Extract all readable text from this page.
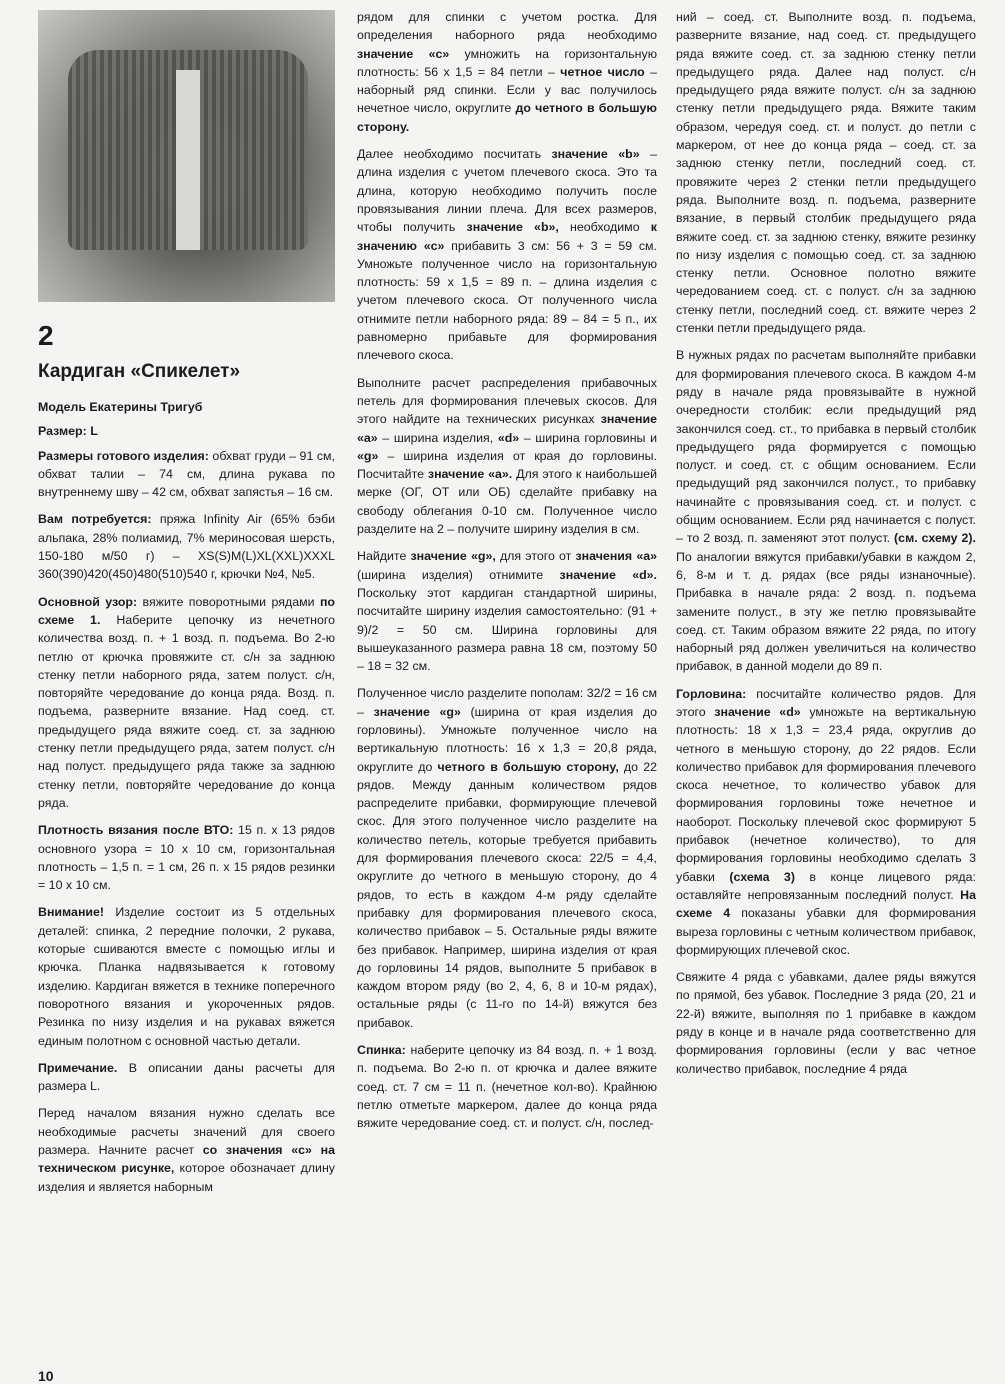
2
Кардиган «Спикелет»
Модель Екатерины Тригуб
Размер: L

Размеры готового изделия: обхват груди – 91 см, обхват талии – 74 см, длина рукава по внутреннему шву – 42 см, обхват запястья – 16 см.

Вам потребуется: пряжа Infinity Air (65% бэби альпака, 28% полиамид, 7% мериносовая шерсть, 150-180 м/50 г) – XS(S)M(L)XL(XXL)XXXL 360(390)420(450)480(510)540 г, крючки №4, №5.

Основной узор: вяжите поворотными рядами по схеме 1. Наберите цепочку из нечетного количества возд. п. + 1 возд. п. подъема. Во 2-ю петлю от крючка провяжите ст. с/н за заднюю стенку петли наборного ряда, затем полуст. с/н, повторяйте чередование до конца ряда. Возд. п. подъема, разверните вязание. Над соед. ст. предыдущего ряда вяжите соед. ст. за заднюю стенку петли предыдущего ряда, затем полуст. с/н над полуст. предыдущего ряда также за заднюю стенку петли, повторяйте чередование до конца ряда.

Плотность вязания после ВТО: 15 п. х 13 рядов основного узора = 10 х 10 см, горизонтальная плотность – 1,5 п. = 1 см, 26 п. х 15 рядов резинки = 10 х 10 см.

Внимание! Изделие состоит из 5 отдельных деталей: спинка, 2 передние полочки, 2 рукава, которые сшиваются вместе с помощью иглы и крючка. Планка надвязывается к готовому изделию. Кардиган вяжется в технике поперечного поворотного вязания и укороченных рядов. Резинка по низу изделия и на рукавах вяжется единым полотном с основной частью детали.

Примечание. В описании даны расчеты для размера L.

Перед началом вязания нужно сделать все необходимые расчеты значений для своего размера. Начните расчет со значения «с» на техническом рисунке, которое обозначает длину изделия и является наборным

рядом для спинки с учетом ростка. Для определения наборного ряда необходимо значение «с» умножить на горизонтальную плотность: 56 х 1,5 = 84 петли – четное число – наборный ряд спинки. Если у вас получилось нечетное число, округлите до четного в большую сторону.

Далее необходимо посчитать значение «b» – длина изделия с учетом плечевого скоса. Это та длина, которую необходимо получить после провязывания линии плеча. Для всех размеров, чтобы получить значение «b», необходимо к значению «с» прибавить 3 см: 56 + 3 = 59 см. Умножьте полученное число на горизонтальную плотность: 59 х 1,5 = 89 п. – длина изделия с учетом плечевого скоса. От полученного числа отнимите петли наборного ряда: 89 – 84 = 5 п., их равномерно прибавьте для формирования плечевого скоса.

Выполните расчет распределения прибавочных петель для формирования плечевых скосов. Для этого найдите на технических рисунках значение «а» – ширина изделия, «d» – ширина горловины и «g» – ширина изделия от края до горловины. Посчитайте значение «а». Для этого к наибольшей мерке (ОГ, ОТ или ОБ) сделайте прибавку на свободу облегания 0-10 см. Полученное число разделите на 2 – получите ширину изделия в см.

Найдите значение «g», для этого от значения «а» (ширина изделия) отнимите значение «d». Поскольку этот кардиган стандартной ширины, посчитайте ширину изделия самостоятельно: (91 + 9)/2 = 50 см. Ширина горловины для вышеуказанного размера равна 18 см, поэтому 50 – 18 = 32 см.

Полученное число разделите пополам: 32/2 = 16 см – значение «g» (ширина от края изделия до горловины). Умножьте полученное число на вертикальную плотность: 16 х 1,3 = 20,8 ряда, округлите до четного в большую сторону, до 22 рядов. Между данным количеством рядов распределите прибавки, формирующие плечевой скос. Для этого полученное число разделите на количество петель, которые требуется прибавить для формирования плечевого скоса: 22/5 = 4,4, округлите до четного в меньшую сторону, до 4 рядов, то есть в каждом 4-м ряду сделайте прибавку для формирования плечевого скоса, количество прибавок – 5. Остальные ряды вяжите без прибавок. Например, ширина изделия от края до горловины 14 рядов, выполните 5 прибавок в каждом втором ряду (во 2, 4, 6, 8 и 10-м рядах), остальные ряды (с 11-го по 14-й) вяжутся без прибавок.

Спинка: наберите цепочку из 84 возд. п. + 1 возд. п. подъема. Во 2-ю п. от крючка и далее вяжите соед. ст. 7 см = 11 п. (нечетное кол-во). Крайнюю петлю отметьте маркером, далее до конца ряда вяжите чередование соед. ст. и полуст. с/н, послед-

ний – соед. ст. Выполните возд. п. подъема, разверните вязание, над соед. ст. предыдущего ряда вяжите соед. ст. за заднюю стенку петли предыдущего ряда. Далее над полуст. с/н предыдущего ряда вяжите полуст. с/н за заднюю стенку петли предыдущего ряда. Вяжите таким образом, чередуя соед. ст. и полуст. до петли с маркером, от нее до конца ряда – соед. ст. за заднюю стенку петли, последний соед. ст. провяжите через 2 стенки петли предыдущего ряда. Выполните возд. п. подъема, разверните вязание, в первый столбик предыдущего ряда вяжите соед. ст. за заднюю стенку, вяжите резинку по низу изделия с помощью соед. ст. за заднюю стенку петли. Основное полотно вяжите чередованием соед. ст. с полуст. с/н за заднюю стенку петли, последний соед. ст. вяжите через 2 стенки петли предыдущего ряда.

В нужных рядах по расчетам выполняйте прибавки для формирования плечевого скоса. В каждом 4-м ряду в начале ряда провязывайте в нужной очередности столбик: если предыдущий ряд закончился соед. ст., то прибавка в первый столбик предыдущего ряда формируется с помощью полуст. и соед. ст. с общим основанием. Если предыдущий ряд закончился полуст., то прибавку начинайте с провязывания соед. ст. и полуст. с общим основанием. Если ряд начинается с полуст. – то 2 возд. п. заменяют этот полуст. (см. схему 2). По аналогии вяжутся прибавки/убавки в каждом 2, 6, 8-м и т. д. рядах (все ряды изнаночные). Прибавка в начале ряда: 2 возд. п. подъема замените полуст., в эту же петлю провязывайте соед. ст. Таким образом вяжите 22 ряда, по итогу наборный ряд должен увеличиться на количество прибавок, в данной модели до 89 п.

Горловина: посчитайте количество рядов. Для этого значение «d» умножьте на вертикальную плотность: 18 х 1,3 = 23,4 ряда, округлив до четного в меньшую сторону, до 22 рядов. Если количество прибавок для формирования плечевого скоса нечетное, то количество убавок для формирования горловины тоже нечетное и наоборот. Поскольку плечевой скос формируют 5 прибавок (нечетное количество), то для формирования горловины необходимо сделать 3 убавки (схема 3) в конце лицевого ряда: оставляйте непровязанным последний полуст. На схеме 4 показаны убавки для формирования выреза горловины с четным количеством прибавок, формирующих плечевой скос.

Свяжите 4 ряда с убавками, далее ряды вяжутся по прямой, без убавок. Последние 3 ряда (20, 21 и 22-й) вяжите, выполняя по 1 прибавке в каждом ряду в конце и в начале ряда соответственно для формирования горловины (если у вас четное количество прибавок, последние 4 ряда

10
